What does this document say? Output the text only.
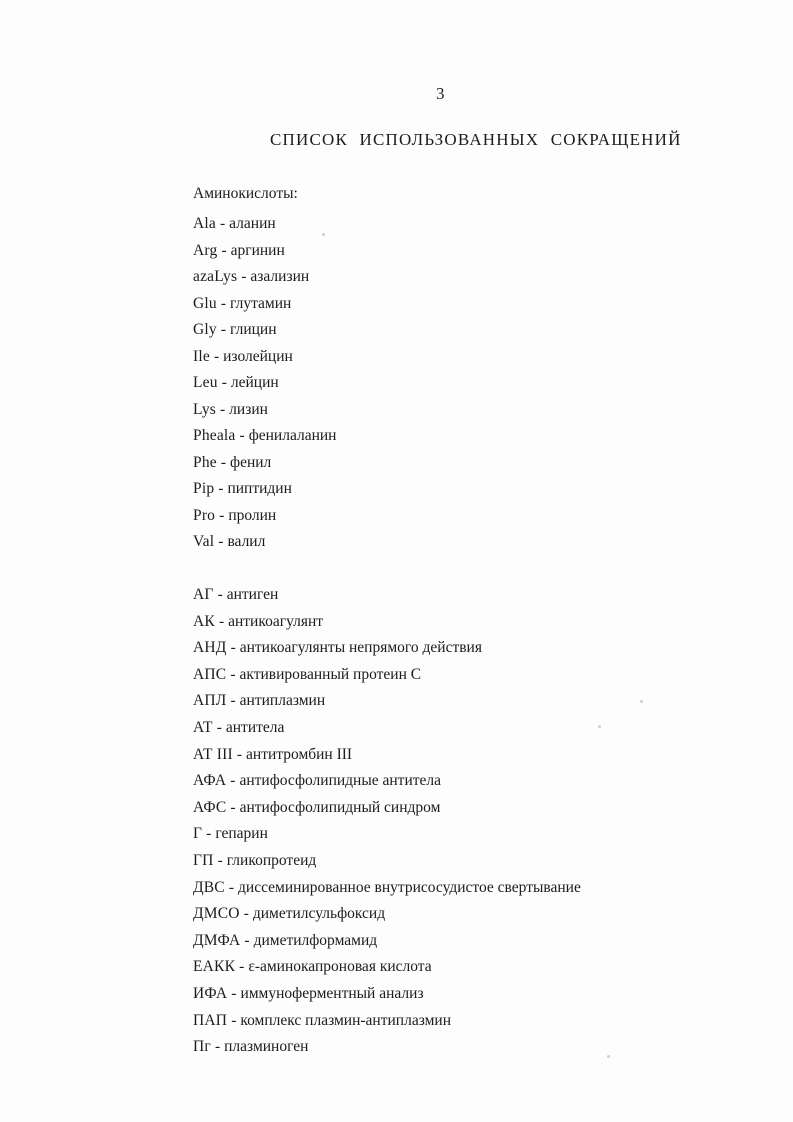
3
СПИСОК ИСПОЛЬЗОВАННЫХ СОКРАЩЕНИЙ
Аминокислоты:
Ala - аланин
Arg - аргинин
azaLys - азализин
Glu - глутамин
Gly - глицин
Ile - изолейцин
Leu - лейцин
Lys - лизин
Pheala - фенилаланин
Phe - фенил
Pip - пиптидин
Pro - пролин
Val - валил
АГ - антиген
АК - антикоагулянт
АНД - антикоагулянты непрямого действия
АПС - активированный протеин С
АПЛ - антиплазмин
АТ - антитела
АТ III - антитромбин III
АФА - антифосфолипидные антитела
АФС - антифосфолипидный синдром
Г - гепарин
ГП - гликопротеид
ДВС - диссеминированное внутрисосудистое свертывание
ДМСО - диметилсульфоксид
ДМФА - диметилформамид
ЕАКК - ε-аминокапроновая кислота
ИФА - иммуноферментный анализ
ПАП - комплекс плазмин-антиплазмин
Пг - плазминоген
